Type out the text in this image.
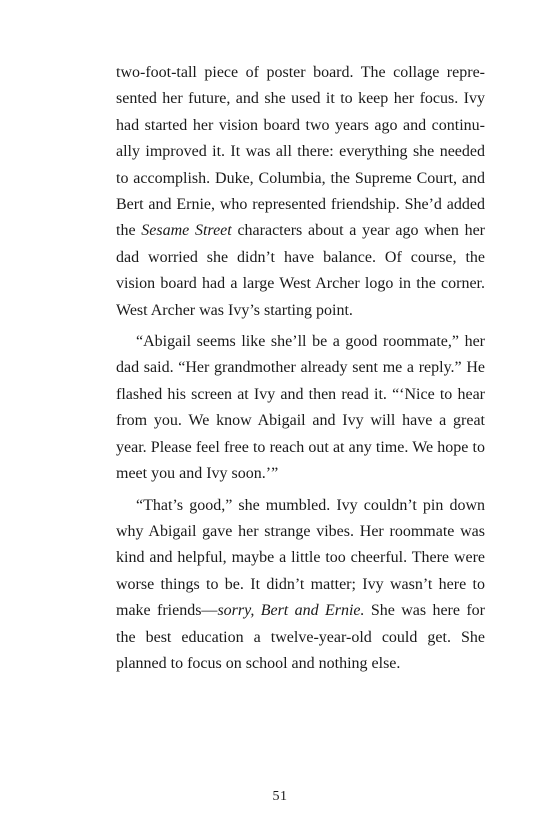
two-foot-tall piece of poster board. The collage represented her future, and she used it to keep her focus. Ivy had started her vision board two years ago and continually improved it. It was all there: everything she needed to accomplish. Duke, Columbia, the Supreme Court, and Bert and Ernie, who represented friendship. She’d added the Sesame Street characters about a year ago when her dad worried she didn’t have balance. Of course, the vision board had a large West Archer logo in the corner. West Archer was Ivy’s starting point.

“Abigail seems like she’ll be a good roommate,” her dad said. “Her grandmother already sent me a reply.” He flashed his screen at Ivy and then read it. “‘Nice to hear from you. We know Abigail and Ivy will have a great year. Please feel free to reach out at any time. We hope to meet you and Ivy soon.’”

“That’s good,” she mumbled. Ivy couldn’t pin down why Abigail gave her strange vibes. Her roommate was kind and helpful, maybe a little too cheerful. There were worse things to be. It didn’t matter; Ivy wasn’t here to make friends—sorry, Bert and Ernie. She was here for the best education a twelve-year-old could get. She planned to focus on school and nothing else.

51
